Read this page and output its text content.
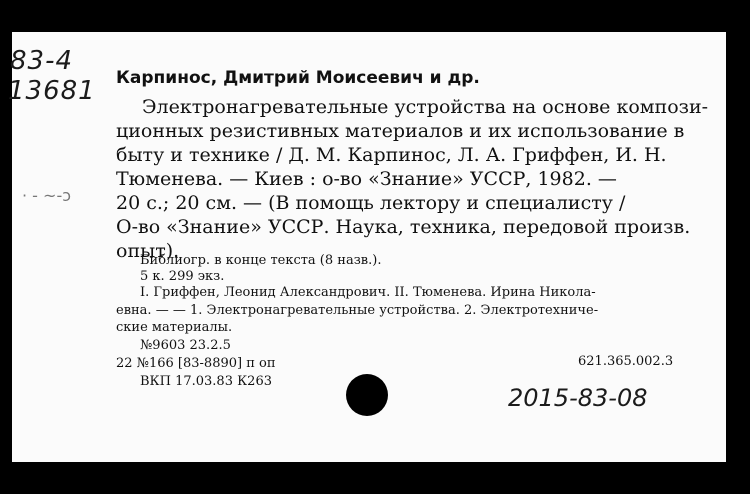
83-4
13681
· - ~-ɔ
Карпинос, Дмитрий Моисеевич и др.
Электронагревательные устройства на основе компози-
ционных резистивных материалов и их использование в
быту и технике / Д. М. Карпинос, Л. А. Гриффен, И. Н.
Тюменева. — Киев : о-во «Знание» УССР, 1982. —
20 с.; 20 см. — (В помощь лектору и специалисту /
О-во «Знание» УССР. Наука, техника, передовой произв.
опыт).
Библиогр. в конце текста (8 назв.).
5 к. 299 экз.
I. Гриффен, Леонид Александрович. II. Тюменева. Ирина Никола-
евна. — — 1. Электронагревательные устройства. 2. Электротехниче-
ские материалы.
№9603 23.2.5
22 №166 [83-8890] п оп
ВКП 17.03.83 К263
621.365.002.3
2015-83-08
